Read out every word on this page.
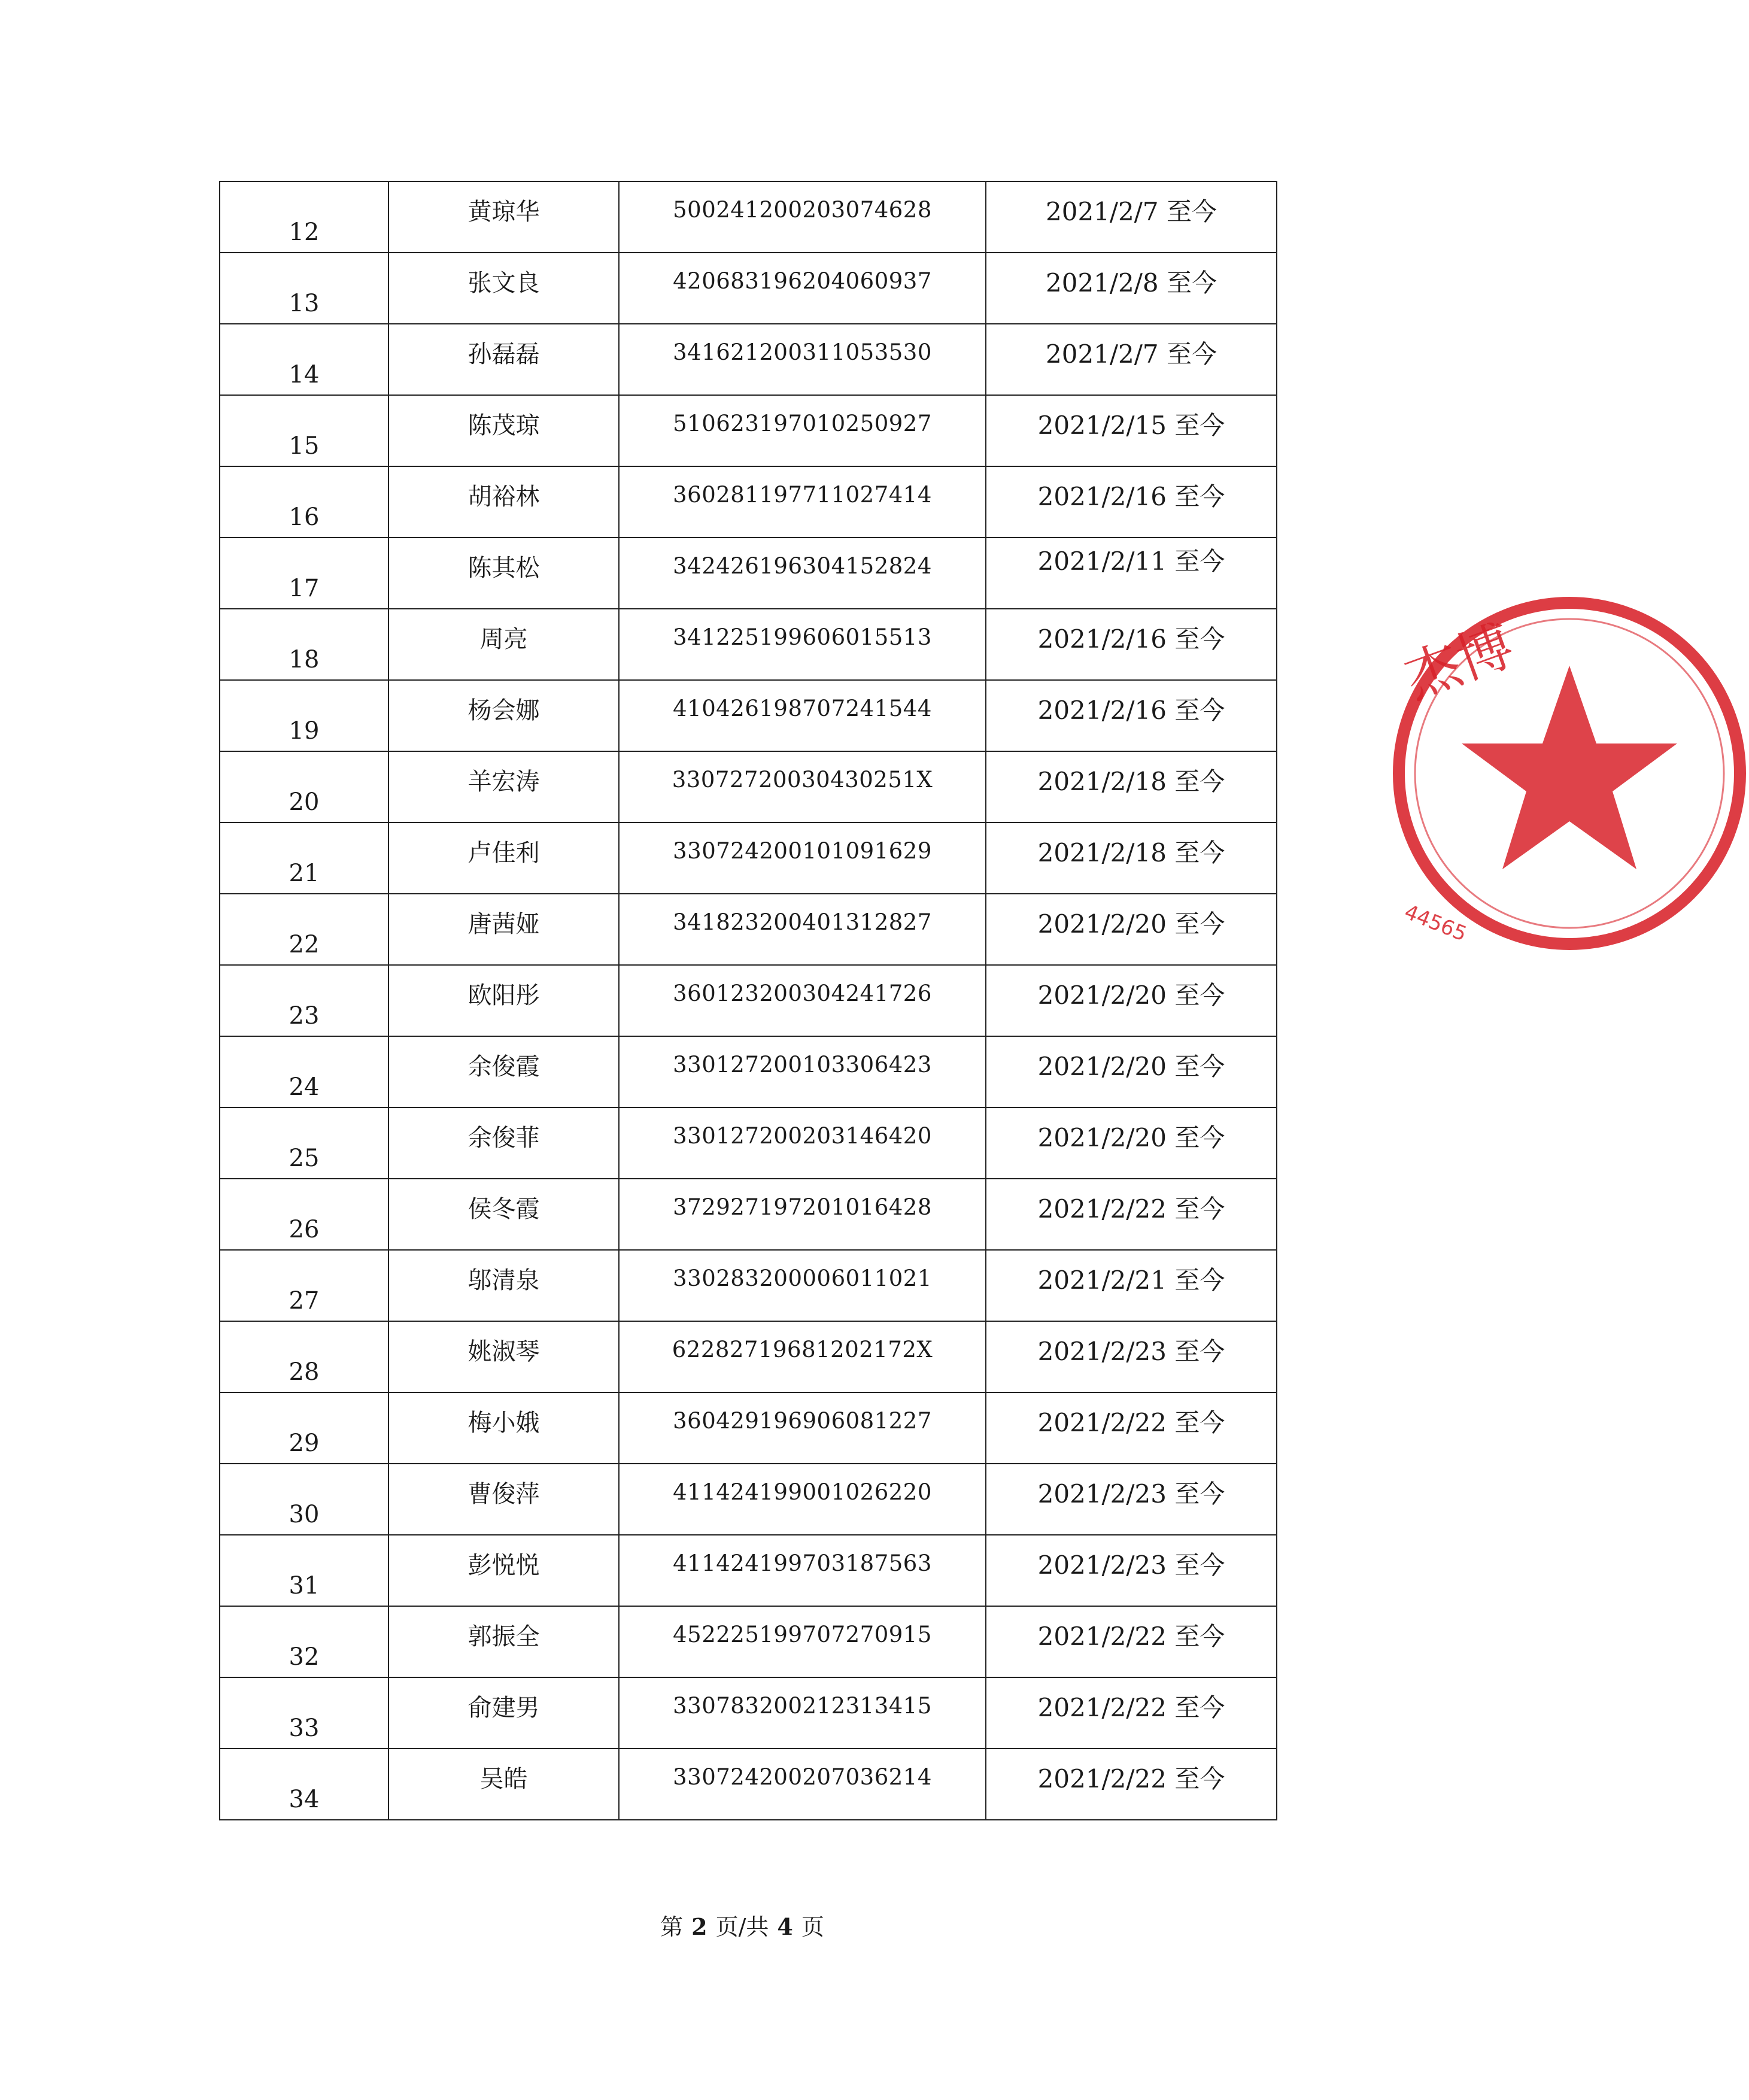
12	黄琼华	500241200203074628	2021/2/7 至今
13	张文良	420683196204060937	2021/2/8 至今
14	孙磊磊	341621200311053530	2021/2/7 至今
15	陈茂琼	510623197010250927	2021/2/15 至今
16	胡裕林	360281197711027414	2021/2/16 至今
17	陈其松	342426196304152824	2021/2/11 至今
18	周亮	341225199606015513	2021/2/16 至今
19	杨会娜	410426198707241544	2021/2/16 至今
20	羊宏涛	33072720030430251X	2021/2/18 至今
21	卢佳利	330724200101091629	2021/2/18 至今
22	唐茜娅	341823200401312827	2021/2/20 至今
23	欧阳彤	360123200304241726	2021/2/20 至今
24	余俊霞	330127200103306423	2021/2/20 至今
25	余俊菲	330127200203146420	2021/2/20 至今
26	侯冬霞	372927197201016428	2021/2/22 至今
27	邬清泉	330283200006011021	2021/2/21 至今
28	姚淑琴	62282719681202172X	2021/2/23 至今
29	梅小娥	360429196906081227	2021/2/22 至今
30	曹俊萍	411424199001026220	2021/2/23 至今
31	彭悦悦	411424199703187563	2021/2/23 至今
32	郭振全	452225199707270915	2021/2/22 至今
33	俞建男	330783200212313415	2021/2/22 至今
34	吴皓	330724200207036214	2021/2/22 至今
第 2 页/共 4 页
杰博
44565
